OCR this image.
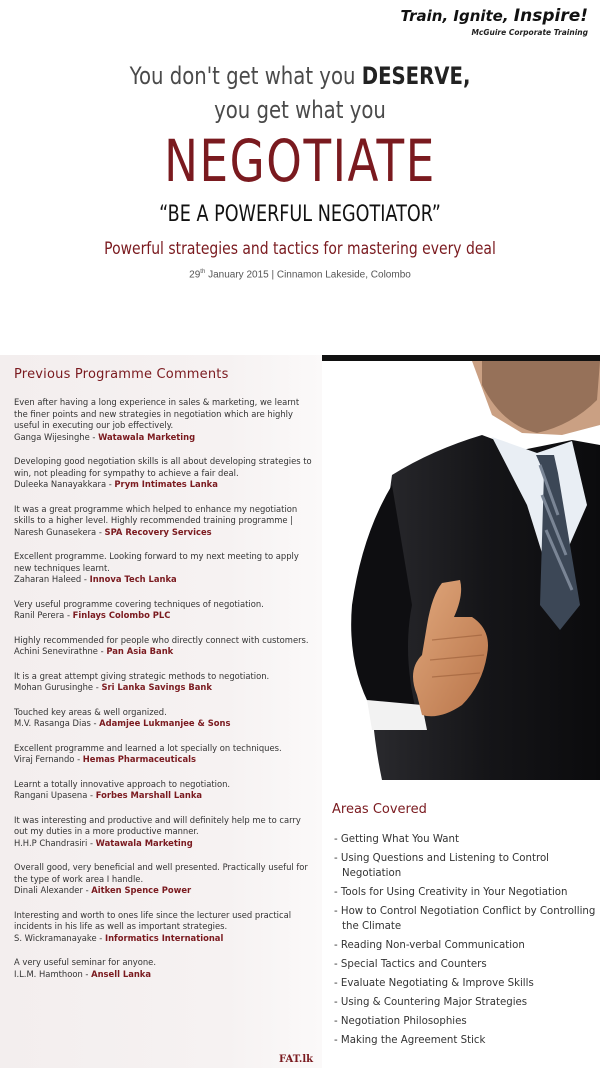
Train, Ignite, Inspire!
McGuire Corporate Training
You don't get what you DESERVE,
you get what you
NEGOTIATE
“BE A POWERFUL NEGOTIATOR”
Powerful strategies and tactics for mastering every deal
29th January 2015 | Cinnamon Lakeside, Colombo
Previous Programme Comments
Even after having a long experience in sales & marketing, we learnt the finer points and new strategies in negotiation which are highly useful in executing our job effectively.
Ganga Wijesinghe - Watawala Marketing
Developing good negotiation skills is all about developing strategies to win, not pleading for sympathy to achieve a fair deal.
Duleeka Nanayakkara - Prym Intimates Lanka
It was a great programme which helped to enhance my negotiation skills to a higher level. Highly recommended training programme | Naresh Gunasekera - SPA Recovery Services
Excellent programme. Looking forward to my next meeting to apply new techniques learnt.
Zaharan Haleed - Innova Tech Lanka
Very useful programme covering techniques of negotiation.
Ranil Perera - Finlays Colombo PLC
Highly recommended for people who directly connect with customers.
Achini Senevirathne - Pan Asia Bank
It is a great attempt giving strategic methods to negotiation.
Mohan Gurusinghe - Sri Lanka Savings Bank
Touched key areas & well organized.
M.V. Rasanga Dias - Adamjee Lukmanjee & Sons
Excellent programme and learned a lot specially on techniques.
Viraj Fernando - Hemas Pharmaceuticals
Learnt a totally innovative approach to negotiation.
Rangani Upasena - Forbes Marshall Lanka
It was interesting and productive and will definitely help me to carry out my duties in a more productive manner.
H.H.P Chandrasiri - Watawala Marketing
Overall good, very beneficial and well presented. Practically useful for the type of work area I handle.
Dinali Alexander - Aitken Spence Power
Interesting and worth to ones life since the lecturer used practical incidents in his life as well as important strategies.
S. Wickramanayake - Informatics International
A very useful seminar for anyone.
I.L.M. Hamthoon - Ansell Lanka
Areas Covered
- Getting What You Want
- Using Questions and Listening to Control Negotiation
- Tools for Using Creativity in Your Negotiation
- How to Control Negotiation Conflict by Controlling the Climate
- Reading Non-verbal Communication
- Special Tactics and Counters
- Evaluate Negotiating & Improve Skills
- Using & Countering Major Strategies
- Negotiation Philosophies
- Making the Agreement Stick
FAT.lk
